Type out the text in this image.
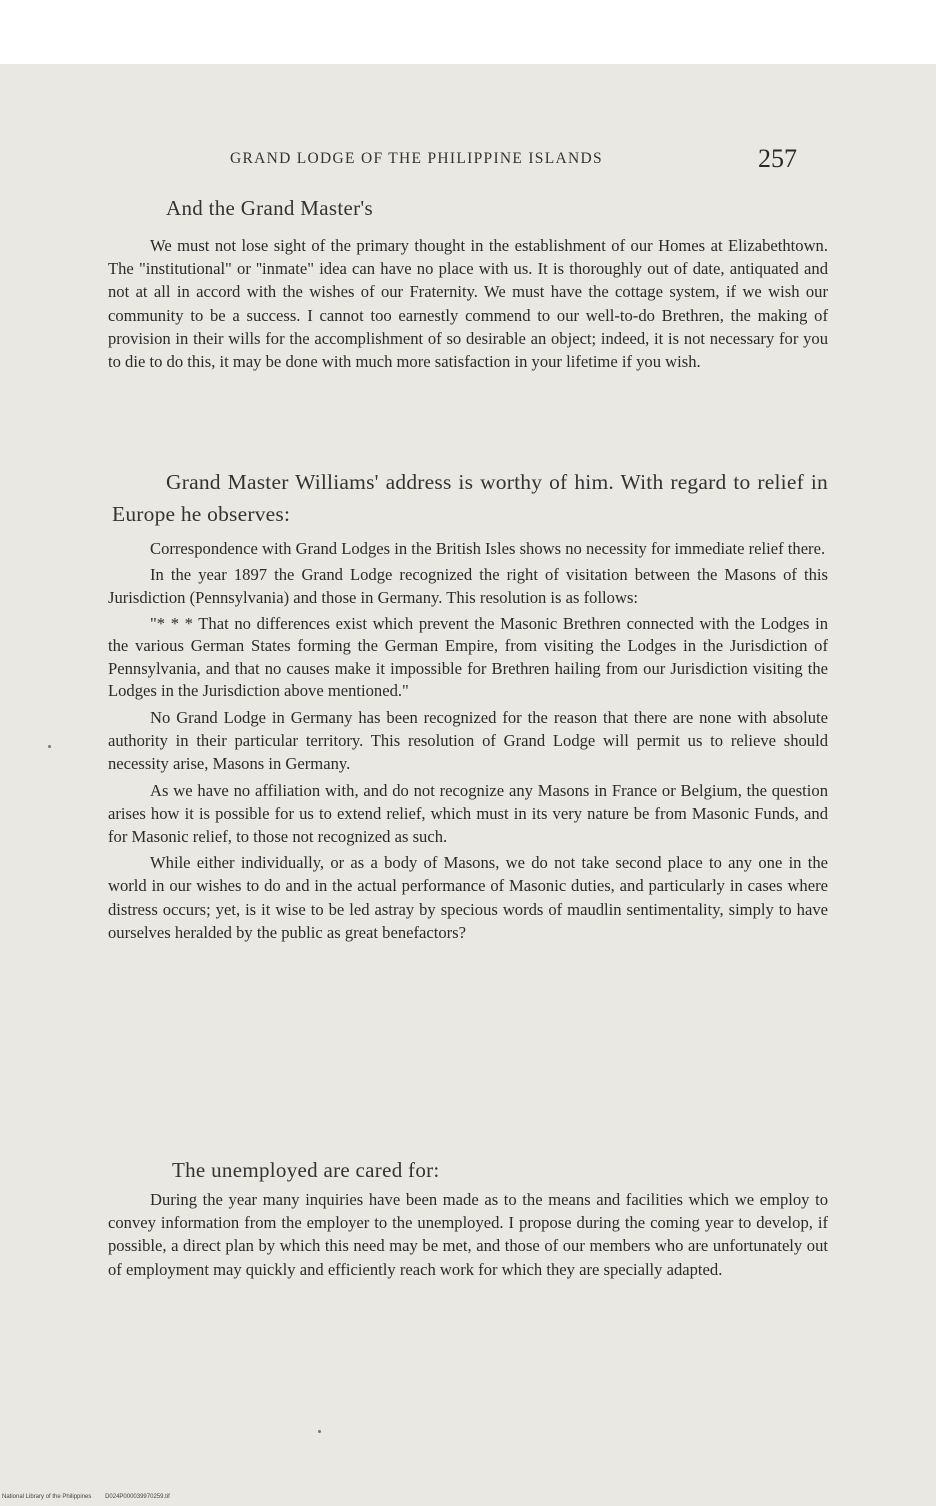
GRAND LODGE OF THE PHILIPPINE ISLANDS	257
And the Grand Master's

We must not lose sight of the primary thought in the establishment of our Homes at Elizabethtown. The "institutional" or ''inmate" idea can have no place with us. It is thoroughly out of date, antiquated and not at all in accord with the wishes of our Fraternity. We must have the cottage system, if we wish our community to be a success. I cannot too earnestly commend to our well-to-do Brethren, the making of provision in their wills for the accomplishment of so desirable an object; indeed, it is not necessary for you to die to do this, it may be done with much more satisfaction in your lifetime if you wish.

Grand Master Williams' address is worthy of him. With regard to relief in Europe he observes:

Correspondence with Grand Lodges in the British Isles shows no necessity for immediate relief there.

In the year 1897 the Grand Lodge recognized the right of visitation between the Masons of this Jurisdiction (Pennsylvania) and those in Germany. This resolution is as follows:

"* * * That no differences exist which prevent the Masonic Brethren connected with the Lodges in the various German States forming the German Empire, from visiting the Lodges in the Jurisdiction of Pennsylvania, and that no causes make it impossible for Brethren hailing from our Jurisdiction visiting the Lodges in the Jurisdiction above mentioned."

No Grand Lodge in Germany has been recognized for the reason that there are none with absolute authority in their particular territory. This resolution of Grand Lodge will permit us to relieve should necessity arise, Masons in Germany.

As we have no affiliation with, and do not recognize any Masons in France or Belgium, the question arises how it is possible for us to extend relief, which must in its very nature be from Masonic Funds, and for Masonic relief, to those not recognized as such.

While either individually, or as a body of Masons, we do not take second place to any one in the world in our wishes to do and in the actual performance of Masonic duties, and particularly in cases where distress occurs; yet, is it wise to be led astray by specious words of maudlin sentimentality, simply to have ourselves heralded by the public as great benefactors?

The unemployed are cared for:

During the year many inquiries have been made as to the means and facilities which we employ to convey information from the employer to the unemployed. I propose during the coming year to develop, if possible, a direct plan by which this need may be met, and those of our members who are unfortunately out of employment may quickly and efficiently reach work for which they are specially adapted.

National Library of the Philippines D024P000039970259.tif
